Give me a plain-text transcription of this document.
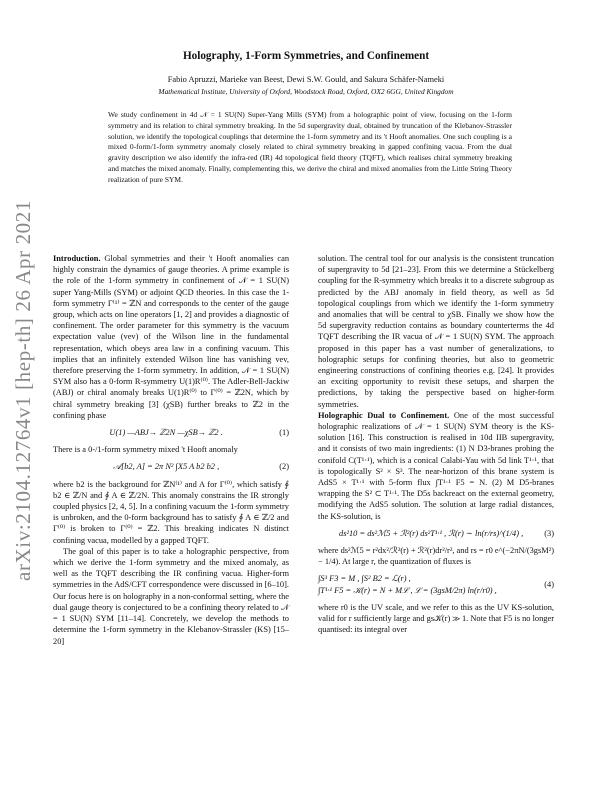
arXiv:2104.12764v1 [hep-th] 26 Apr 2021
Holography, 1-Form Symmetries, and Confinement
Fabio Apruzzi, Marieke van Beest, Dewi S.W. Gould, and Sakura Schäfer-Nameki
Mathematical Institute, University of Oxford, Woodstock Road, Oxford, OX2 6GG, United Kingdom

We study confinement in 4d 𝒩 = 1 SU(N) Super-Yang Mills (SYM) from a holographic point of view, focusing on the 1-form symmetry and its relation to chiral symmetry breaking. In the 5d supergravity dual, obtained by truncation of the Klebanov-Strassler solution, we identify the topological couplings that determine the 1-form symmetry and its 't Hooft anomalies. One such coupling is a mixed 0-form/1-form symmetry anomaly closely related to chiral symmetry breaking in gapped confining vacua. From the dual gravity description we also identify the infra-red (IR) 4d topological field theory (TQFT), which realises chiral symmetry breaking and matches the mixed anomaly. Finally, complementing this, we derive the chiral and mixed anomalies from the Little String Theory realization of pure SYM.

Introduction. Global symmetries and their 't Hooft anomalies can highly constrain the dynamics of gauge theories. A prime example is the role of the 1-form symmetry in confinement of 𝒩 = 1 SU(N) super Yang-Mills (SYM) or adjoint QCD theories. In this case the 1-form symmetry Γ⁽¹⁾ = ℤN and corresponds to the center of the gauge group, which acts on line operators [1, 2] and provides a diagnostic of confinement. The order parameter for this symmetry is the vacuum expectation value (vev) of the Wilson line in the fundamental representation, which obeys area law in a confining vacuum. This implies that an infinitely extended Wilson line has vanishing vev, therefore preserving the 1-form symmetry. In addition, 𝒩 = 1 SU(N) SYM also has a 0-form R-symmetry U(1)R⁽⁰⁾. The Adler-Bell-Jackiw (ABJ) or chiral anomaly breaks U(1)R⁽⁰⁾ to Γ⁽⁰⁾ = ℤ2N, which by chiral symmetry breaking [3] (χSB) further breaks to ℤ2 in the confining phase

U(1) —ABJ→ ℤ2N —χSB→ ℤ2 .	(1)

There is a 0-/1-form symmetry mixed 't Hooft anomaly

𝒜[b2, A] = 2π N² ∫X5 A b2 b2 ,	(2)

where b2 is the background for ℤN⁽¹⁾ and A for Γ⁽⁰⁾, which satisfy ∮ b2 ∈ ℤ/N and ∮ A ∈ ℤ/2N. This anomaly constrains the IR strongly coupled physics [2, 4, 5]. In a confining vacuum the 1-form symmetry is unbroken, and the 0-form background has to satisfy ∮ A ∈ ℤ/2 and Γ⁽⁰⁾ is broken to Γ⁽⁰⁾ = ℤ2. This breaking indicates N distinct confining vacua, modelled by a gapped TQFT.

The goal of this paper is to take a holographic perspective, from which we derive the 1-form symmetry and the mixed anomaly, as well as the TQFT describing the IR confining vacua. Higher-form symmetries in the AdS/CFT correspondence were discussed in [6–10]. Our focus here is on holography in a non-conformal setting, where the dual gauge theory is conjectured to be a confining theory related to 𝒩 = 1 SU(N) SYM [11–14]. Concretely, we develop the methods to determine the 1-form symmetry in the Klebanov-Strassler (KS) [15–20]

solution. The central tool for our analysis is the consistent truncation of supergravity to 5d [21–23]. From this we determine a Stückelberg coupling for the R-symmetry which breaks it to a discrete subgroup as predicted by the ABJ anomaly in field theory, as well as 5d topological couplings from which we identify the 1-form symmetry and anomalies that will be central to χSB. Finally we show how the 5d supergravity reduction contains as boundary counterterms the 4d TQFT describing the IR vacua of 𝒩 = 1 SU(N) SYM. The approach proposed in this paper has a vast number of generalizations, to holographic setups for confining theories, but also to geometric engineering constructions of confining theories e.g. [24]. It provides an exciting opportunity to revisit these setups, and sharpen the predictions, by taking the perspective based on higher-form symmetries.

Holographic Dual to Confinement. One of the most successful holographic realizations of 𝒩 = 1 SU(N) SYM theory is the KS-solution [16]. This construction is realised in 10d IIB supergravity, and it consists of two main ingredients: (1) N D3-branes probing the conifold C(T¹·¹), which is a conical Calabi-Yau with 5d link T¹·¹, that is topologically S² × S³. The near-horizon of this brane system is AdS5 × T¹·¹ with 5-form flux ∫T¹·¹ F5 = N. (2) M D5-branes wrapping the S² ⊂ T¹·¹. The D5s backreact on the external geometry, modifying the AdS5 solution. The solution at large radial distances, the KS-solution, is

ds²10 = ds²ℳ5 + ℛ²(r) ds²T¹·¹ , ℛ(r) ∼ ln(r/rs)^(1/4) ,	(3)

where ds²ℳ5 = r²dx²/ℛ²(r) + ℛ²(r)dr²/r², and rs = r0 e^(−2πN/(3gsM²) − 1/4). At large r, the quantization of fluxes is

∫S³ F3 = M , ∫S² B2 = ℒ(r) ,
∫T¹·¹ F5 = 𝒦(r) = N + Mℒ , ℒ = (3gsM/2π) ln(r/r0) ,
(4)

where r0 is the UV scale, and we refer to this as the UV KS-solution, valid for r sufficiently large and gs𝒦(r) ≫ 1. Note that F5 is no longer quantised: its integral over
